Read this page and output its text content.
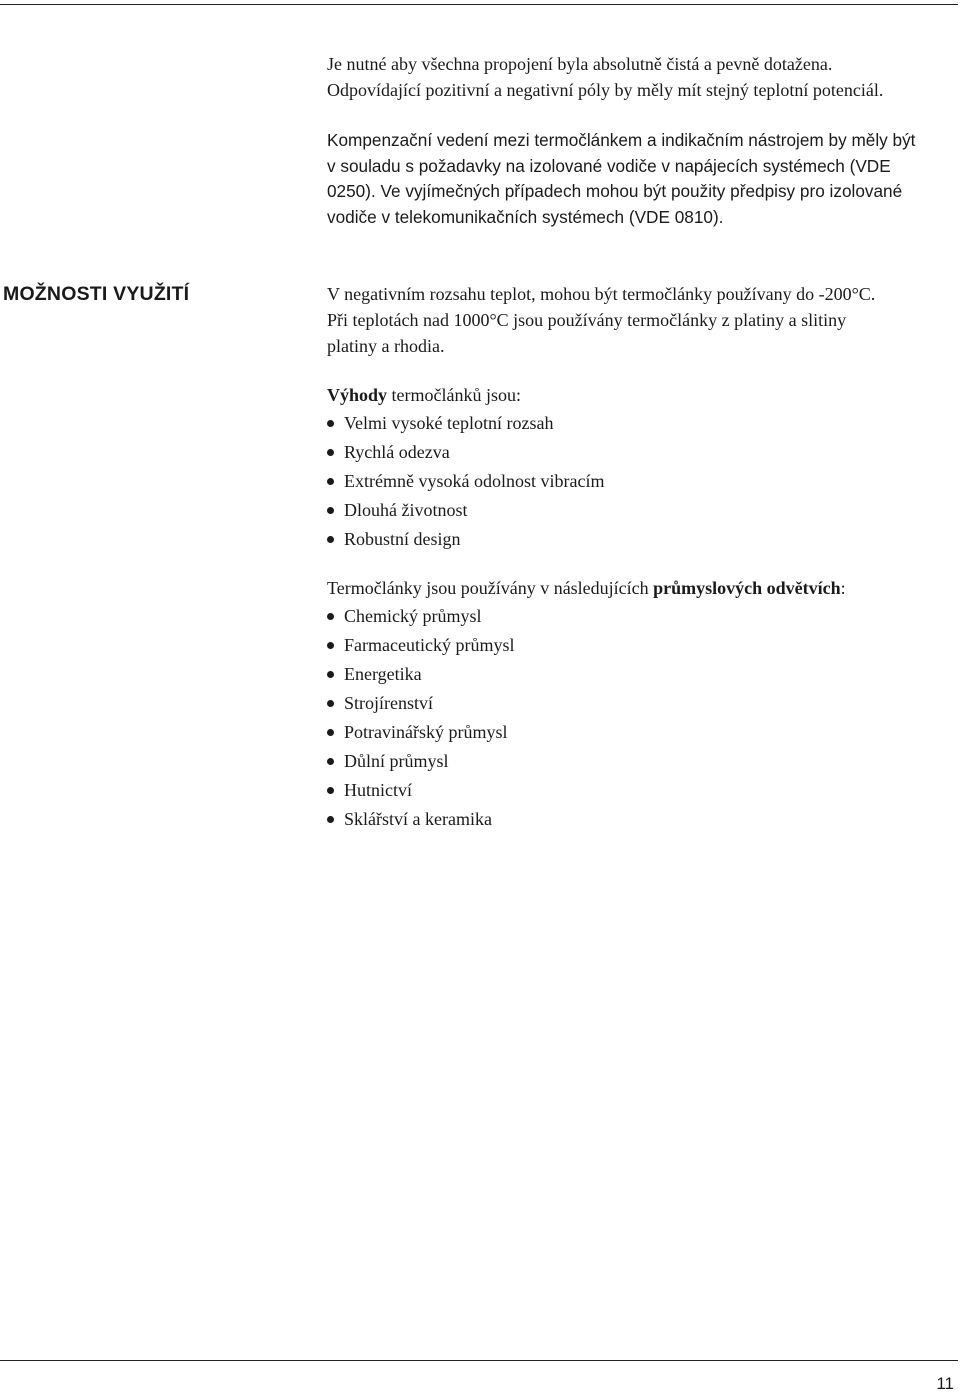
Je nutné aby všechna propojení byla absolutně čistá a pevně dotažena.
Odpovídající pozitivní a negativní póly by měly mít stejný teplotní potenciál.

Kompenzační vedení mezi termočlánkem a indikačním nástrojem by měly být
v souladu s požadavky na izolované vodiče v napájecích systémech (VDE
0250). Ve vyjímečných případech mohou být použity předpisy pro izolované
vodiče v telekomunikačních systémech (VDE 0810).

MOŽNOSTI VYUŽITÍ	V negativním rozsahu teplot, mohou být termočlánky používany do -200°C.
Při teplotách nad 1000°C jsou používány termočlánky z platiny a slitiny
platiny a rhodia.

Výhody termočlánků jsou:
Velmi vysoké teplotní rozsah
Rychlá odezva
Extrémně vysoká odolnost vibracím
Dlouhá životnost
Robustní design
Termočlánky jsou používány v následujících průmyslových odvětvích:
Chemický průmysl
Farmaceutický průmysl
Energetika
Strojírenství
Potravinářský průmysl
Důlní průmysl
Hutnictví
Sklářství a keramika
11
